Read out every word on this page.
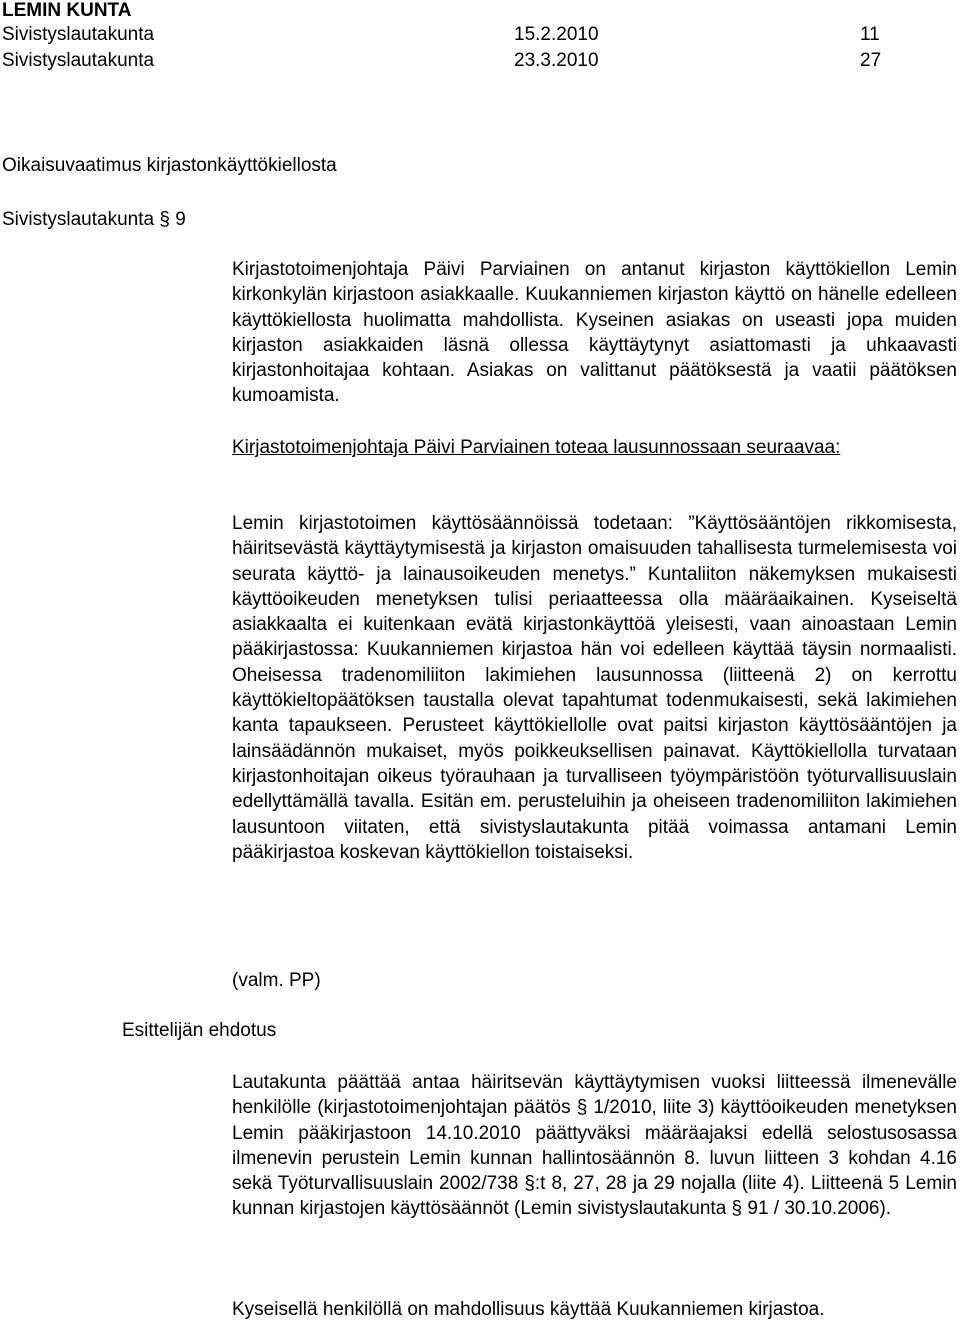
LEMIN KUNTA
Sivistyslautakunta	15.2.2010	11
Sivistyslautakunta	23.3.2010	27
Oikaisuvaatimus kirjastonkäyttökiellosta
Sivistyslautakunta § 9
Esittelijän ehdotus
Kirjastotoimenjohtaja Päivi Parviainen on antanut kirjaston käyttökiellon Lemin kirkonkylän kirjastoon asiakkaalle. Kuukanniemen kirjaston käyttö on hänelle edelleen käyttökiellosta huolimatta mahdollista. Kyseinen asiakas on useasti jopa muiden kirjaston asiakkaiden läsnä ollessa käyttäytynyt asiattomasti ja uhkaavasti kirjastonhoitajaa kohtaan. Asiakas on valittanut päätöksestä ja vaatii päätöksen kumoamista.
Kirjastotoimenjohtaja Päivi Parviainen toteaa lausunnossaan seuraavaa:
Lemin kirjastotoimen käyttösäännöissä todetaan: ”Käyttösääntöjen rikkomisesta, häiritsevästä käyttäytymisestä ja kirjaston omaisuuden tahallisesta turmelemisesta voi seurata käyttö- ja lainausoikeuden menetys.” Kuntaliiton näkemyksen mukaisesti käyttöoikeuden menetyksen tulisi periaatteessa olla määräaikainen. Kyseiseltä asiakkaalta ei kuitenkaan evätä kirjastonkäyttöä yleisesti, vaan ainoastaan Lemin pääkirjastossa: Kuukanniemen kirjastoa hän voi edelleen käyttää täysin normaalisti. Oheisessa tradenomiliiton lakimiehen lausunnossa (liitteenä 2) on kerrottu käyttökieltopäätöksen taustalla olevat tapahtumat todenmukaisesti, sekä lakimiehen kanta tapaukseen. Perusteet käyttökiellolle ovat paitsi kirjaston käyttösääntöjen ja lainsäädännön mukaiset, myös poikkeuksellisen painavat. Käyttökiellolla turvataan kirjastonhoitajan oikeus työrauhaan ja turvalliseen työympäristöön työturvallisuuslain edellyttämällä tavalla. Esitän em. perusteluihin ja oheiseen tradenomiliiton lakimiehen lausuntoon viitaten, että sivistyslautakunta pitää voimassa antamani Lemin pääkirjastoa koskevan käyttökiellon toistaiseksi.
(valm. PP)
Lautakunta päättää antaa häiritsevän käyttäytymisen vuoksi liitteessä ilmenevälle henkilölle (kirjastotoimenjohtajan päätös § 1/2010, liite 3) käyttöoikeuden menetyksen Lemin pääkirjastoon 14.10.2010 päättyväksi määräajaksi edellä selostusosassa ilmenevin perustein Lemin kunnan hallintosäännön 8. luvun liitteen 3 kohdan 4.16 sekä Työturvallisuuslain 2002/738 §:t 8, 27, 28 ja 29 nojalla (liite 4). Liitteenä 5 Lemin kunnan kirjastojen käyttösäännöt (Lemin sivistyslautakunta § 91 / 30.10.2006).
Kyseisellä henkilöllä on mahdollisuus käyttää Kuukanniemen kirjastoa.
